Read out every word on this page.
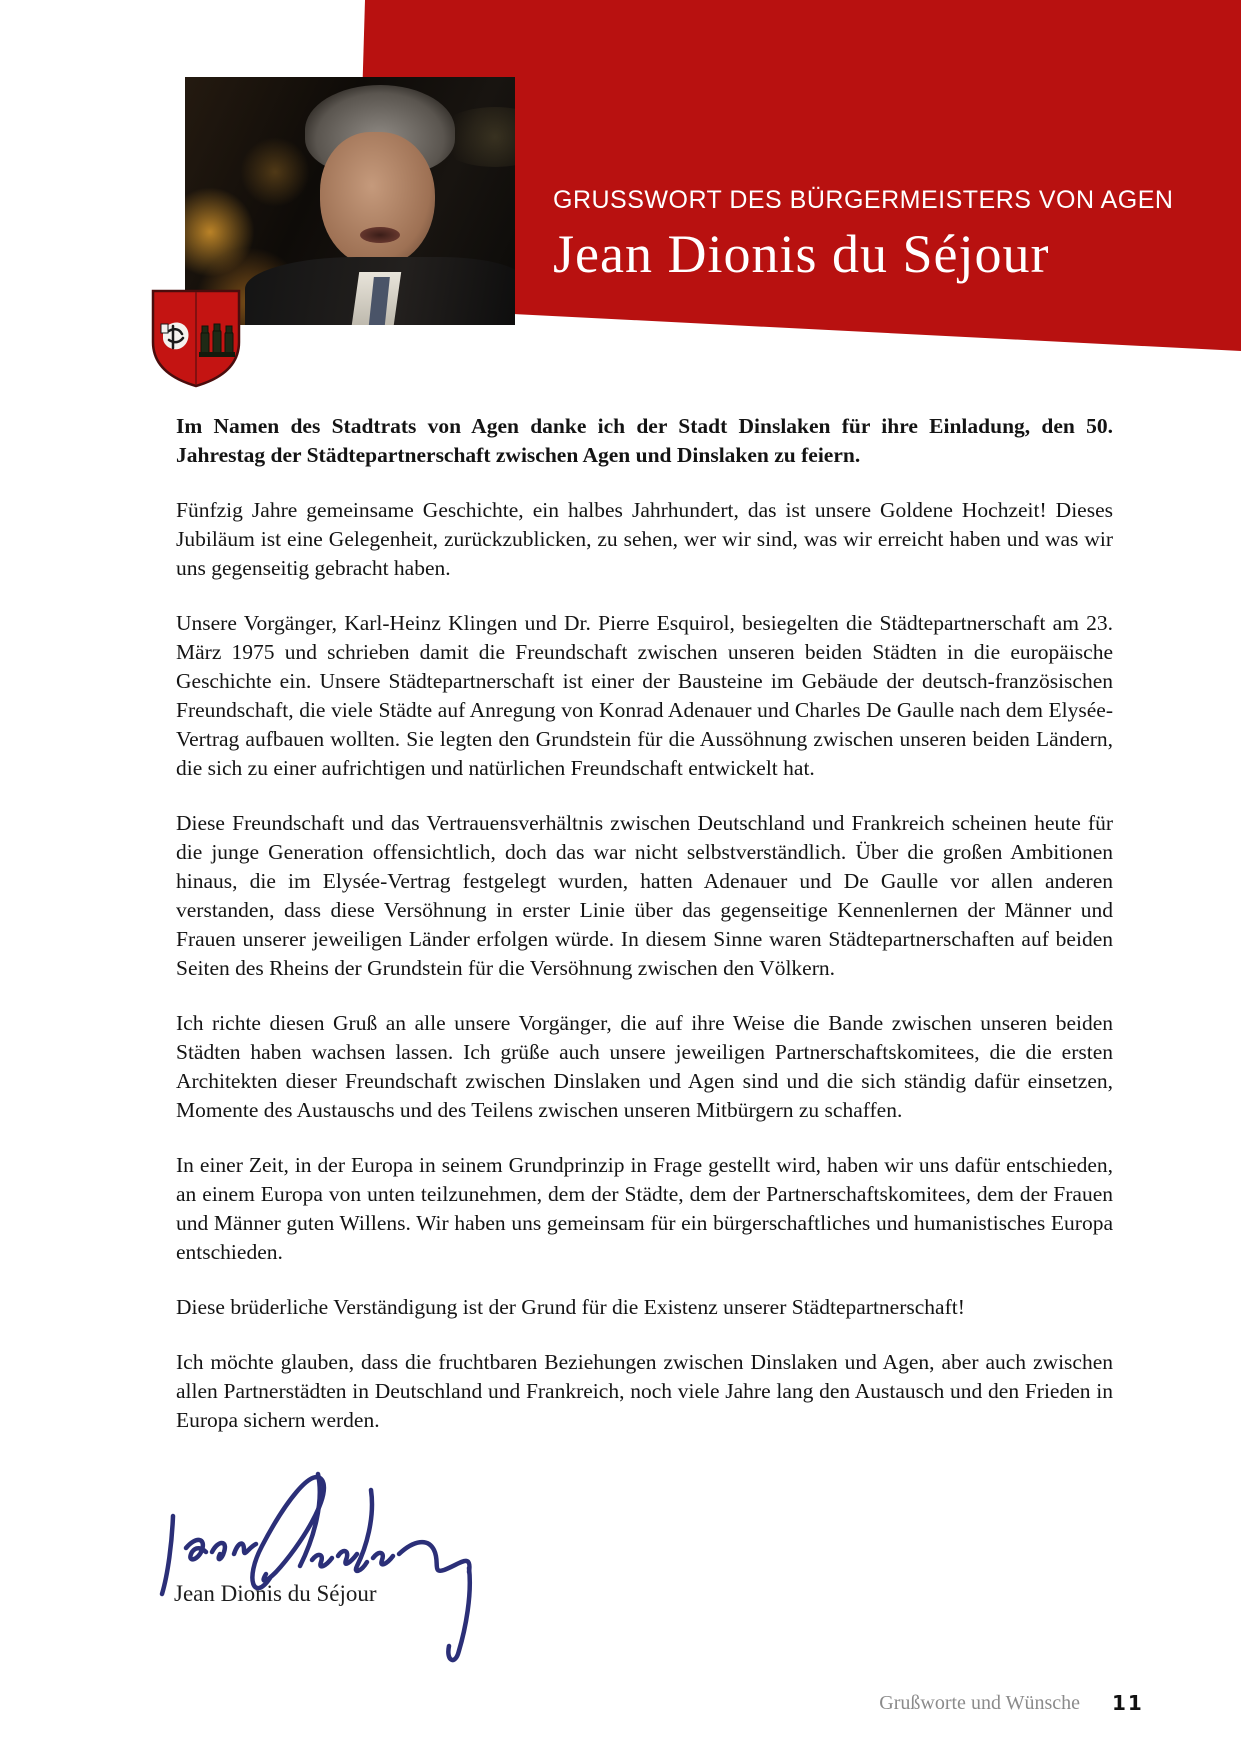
GRUSSWORT DES BÜRGERMEISTERS VON AGEN
Jean Dionis du Séjour

Im Namen des Stadtrats von Agen danke ich der Stadt Dinslaken für ihre Einladung, den 50. Jahrestag der Städtepartnerschaft zwischen Agen und Dinslaken zu feiern.

Fünfzig Jahre gemeinsame Geschichte, ein halbes Jahrhundert, das ist unsere Goldene Hochzeit! Dieses Jubiläum ist eine Gelegenheit, zurückzublicken, zu sehen, wer wir sind, was wir erreicht haben und was wir uns gegenseitig gebracht haben.

Unsere Vorgänger, Karl-Heinz Klingen und Dr. Pierre Esquirol, besiegelten die Städtepartnerschaft am 23. März 1975 und schrieben damit die Freundschaft zwischen unseren beiden Städten in die europäische Geschichte ein. Unsere Städtepartnerschaft ist einer der Bausteine im Gebäude der deutsch-französischen Freundschaft, die viele Städte auf Anregung von Konrad Adenauer und Charles De Gaulle nach dem Elysée-Vertrag aufbauen wollten. Sie legten den Grundstein für die Aussöhnung zwischen unseren beiden Ländern, die sich zu einer aufrichtigen und natürlichen Freundschaft entwickelt hat.

Diese Freundschaft und das Vertrauensverhältnis zwischen Deutschland und Frankreich scheinen heute für die junge Generation offensichtlich, doch das war nicht selbstverständlich. Über die großen Ambitionen hinaus, die im Elysée-Vertrag festgelegt wurden, hatten Adenauer und De Gaulle vor allen anderen verstanden, dass diese Versöhnung in erster Linie über das gegenseitige Kennenlernen der Männer und Frauen unserer jeweiligen Länder erfolgen würde. In diesem Sinne waren Städtepartnerschaften auf beiden Seiten des Rheins der Grundstein für die Versöhnung zwischen den Völkern.

Ich richte diesen Gruß an alle unsere Vorgänger, die auf ihre Weise die Bande zwischen unseren beiden Städten haben wachsen lassen. Ich grüße auch unsere jeweiligen Partnerschaftskomitees, die die ersten Architekten dieser Freundschaft zwischen Dinslaken und Agen sind und die sich ständig dafür einsetzen, Momente des Austauschs und des Teilens zwischen unseren Mitbürgern zu schaffen.

In einer Zeit, in der Europa in seinem Grundprinzip in Frage gestellt wird, haben wir uns dafür entschieden, an einem Europa von unten teilzunehmen, dem der Städte, dem der Partnerschaftskomitees, dem der Frauen und Männer guten Willens. Wir haben uns gemeinsam für ein bürgerschaftliches und humanistisches Europa entschieden.

Diese brüderliche Verständigung ist der Grund für die Existenz unserer Städtepartnerschaft!

Ich möchte glauben, dass die fruchtbaren Beziehungen zwischen Dinslaken und Agen, aber auch zwischen allen Partnerstädten in Deutschland und Frankreich, noch viele Jahre lang den Austausch und den Frieden in Europa sichern werden.

Jean Dionis du Séjour
Grußworte und Wünsche 11
